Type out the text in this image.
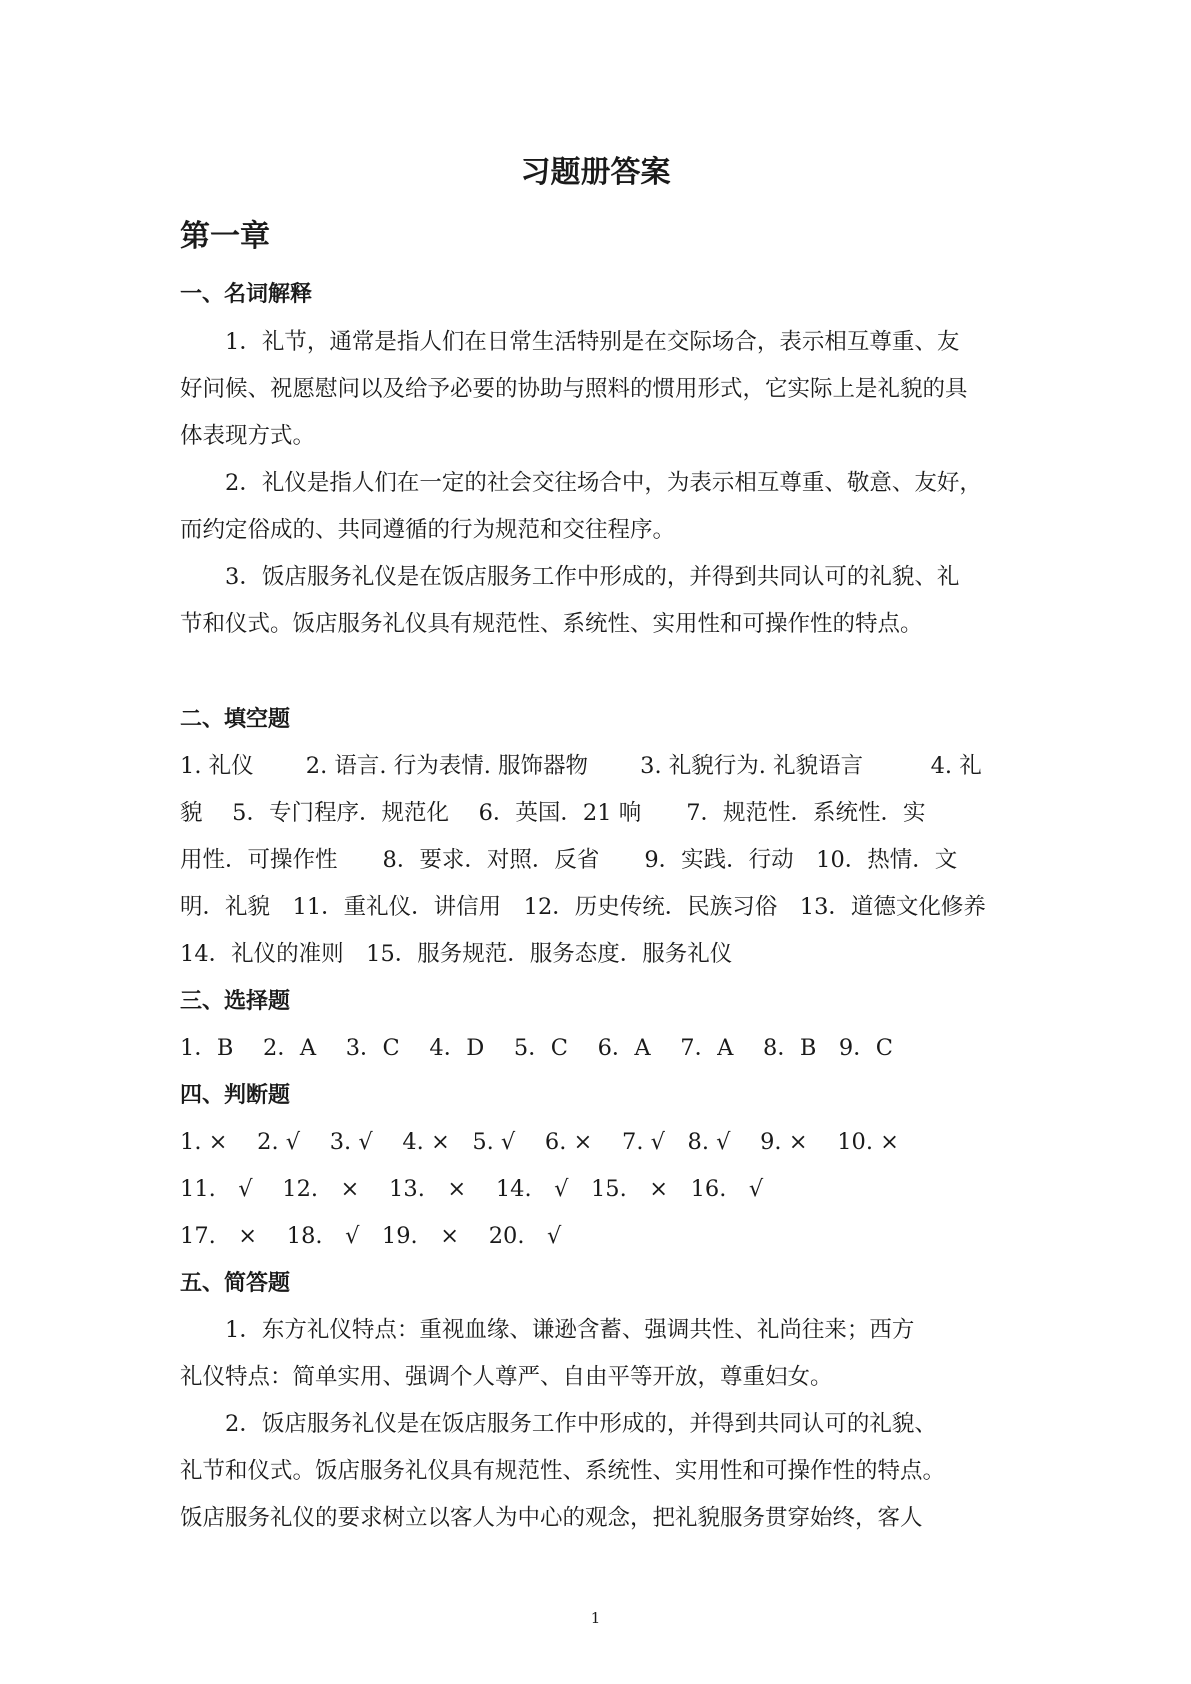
习题册答案
第一章
一、名词解释
1．礼节，通常是指人们在日常生活特别是在交际场合，表示相互尊重、友
好问候、祝愿慰问以及给予必要的协助与照料的惯用形式，它实际上是礼貌的具
体表现方式。
2．礼仪是指人们在一定的社会交往场合中，为表示相互尊重、敬意、友好，
而约定俗成的、共同遵循的行为规范和交往程序。
3．饭店服务礼仪是在饭店服务工作中形成的，并得到共同认可的礼貌、礼
节和仪式。饭店服务礼仪具有规范性、系统性、实用性和可操作性的特点。
二、填空题
1. 礼仪　　 2. 语言. 行为表情. 服饰器物　　 3. 礼貌行为. 礼貌语言　　　4. 礼
貌　 5．专门程序．规范化　 6．英国．21 响　　7．规范性．系统性．实
用性．可操作性　　8．要求．对照．反省　　9．实践．行动　10．热情．文
明．礼貌　11．重礼仪．讲信用　12．历史传统．民族习俗　13．道德文化修养
14．礼仪的准则　15．服务规范．服务态度．服务礼仪
三、选择题
1．B　 2．A　 3．C　 4．D　 5．C　 6．A　 7．A　 8．B　9．C
四、判断题
1. ×　 2. √　 3. √　 4. ×　5. √　 6. ×　 7. √　8. √　 9. ×　 10. ×
11.　√　 12.　×　 13.　×　 14.　√　15.　×　16.　√
17.　×　 18.　√　19.　×　 20.　√
五、简答题
1．东方礼仪特点：重视血缘、谦逊含蓄、强调共性、礼尚往来；西方
礼仪特点：简单实用、强调个人尊严、自由平等开放，尊重妇女。
2．饭店服务礼仪是在饭店服务工作中形成的，并得到共同认可的礼貌、
礼节和仪式。饭店服务礼仪具有规范性、系统性、实用性和可操作性的特点。
饭店服务礼仪的要求树立以客人为中心的观念，把礼貌服务贯穿始终，客人
1
